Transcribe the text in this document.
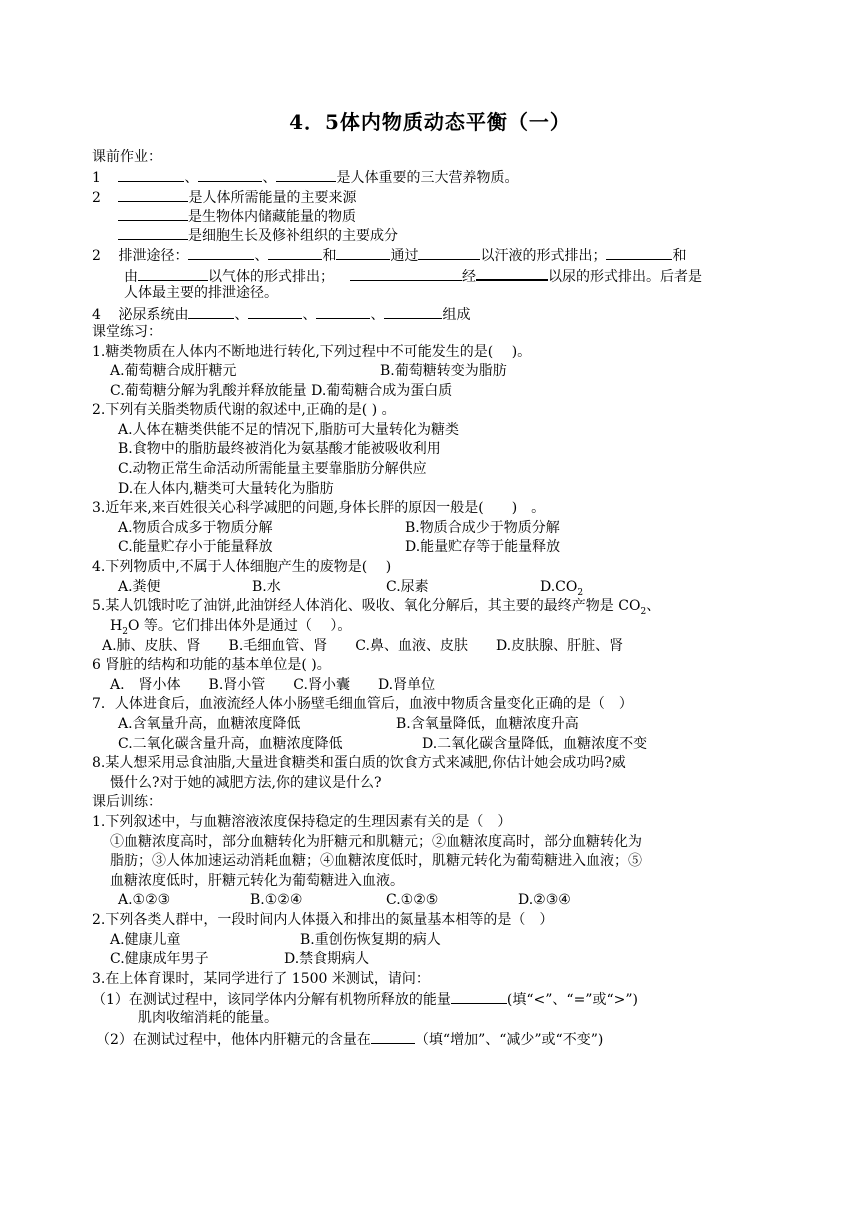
4．5体内物质动态平衡（一）
课前作业：
1	、	、	是人体重要的三大营养物质。
2	是人体所需能量的主要来源
是生物体内储藏能量的物质
是细胞生长及修补组织的主要成分
2 排泄途径：	、	和	通过	以汗液的形式排出；	和
由	以气体的形式排出；	经	以尿的形式排出。后者是
人体最主要的排泄途径。
4 泌尿系统由	、	、	、	组成
课堂练习：
1.糖类物质在人体内不断地进行转化,下列过程中不可能发生的是(　 )。
A.葡萄糖合成肝糖元	B.葡萄糖转变为脂肪
C.葡萄糖分解为乳酸并释放能量 D.葡萄糖合成为蛋白质
2.下列有关脂类物质代谢的叙述中,正确的是( ) 。
A.人体在糖类供能不足的情况下,脂肪可大量转化为糖类
B.食物中的脂肪最终被消化为氨基酸才能被吸收利用
C.动物正常生命活动所需能量主要靠脂肪分解供应
D.在人体内,糖类可大量转化为脂肪
3.近年来,来百姓很关心科学减肥的问题,身体长胖的原因一般是(　　)　。
A.物质合成多于物质分解	B.物质合成少于物质分解
C.能量贮存小于能量释放	D.能量贮存等于能量释放
4.下列物质中,不属于人体细胞产生的废物是(　 )
A.粪便	B.水	C.尿素	$D.CO_2$
5.某人饥饿时吃了油饼,此油饼经人体消化、吸收、氧化分解后，其主要的最终产物是 $CO_2$、
$H_2O$ 等。它们排出体外是通过（　 ）。
A.肺、皮肤、肾　　B.毛细血管、肾　　C.鼻、血液、皮肤　　D.皮肤腺、肝脏、肾
6 肾脏的结构和功能的基本单位是( )。
A.　肾小体　　B.肾小管　　C.肾小囊　　D.肾单位
7．人体进食后，血液流经人体小肠壁毛细血管后，血液中物质含量变化正确的是（　）
A.含氧量升高，血糖浓度降低	B.含氧量降低，血糖浓度升高
C.二氧化碳含量升高，血糖浓度降低	D.二氧化碳含量降低，血糖浓度不变
8.某人想采用忌食油脂,大量进食糖类和蛋白质的饮食方式来减肥,你估计她会成功吗?威
慑什么?对于她的减肥方法,你的建议是什么?
课后训练：
1.下列叙述中，与血糖溶液浓度保持稳定的生理因素有关的是（　）
①血糖浓度高时，部分血糖转化为肝糖元和肌糖元；②血糖浓度高时，部分血糖转化为
脂肪；③人体加速运动消耗血糖；④血糖浓度低时，肌糖元转化为葡萄糖进入血液；⑤
血糖浓度低时，肝糖元转化为葡萄糖进入血液。
A.①②③	B.①②④	C.①②⑤	D.②③④
2.下列各类人群中，一段时间内人体摄入和排出的氮量基本相等的是（　）
A.健康儿童	B.重创伤恢复期的病人
C.健康成年男子	D.禁食期病人
3.在上体育课时，某同学进行了 1500 米测试，请问：
（1）在测试过程中，该同学体内分解有机物所释放的能量	(填“<”、“=”或“>”)
肌肉收缩消耗的能量。
（2）在测试过程中，他体内肝糖元的含量在	（填“增加”、“减少”或“不变”)
